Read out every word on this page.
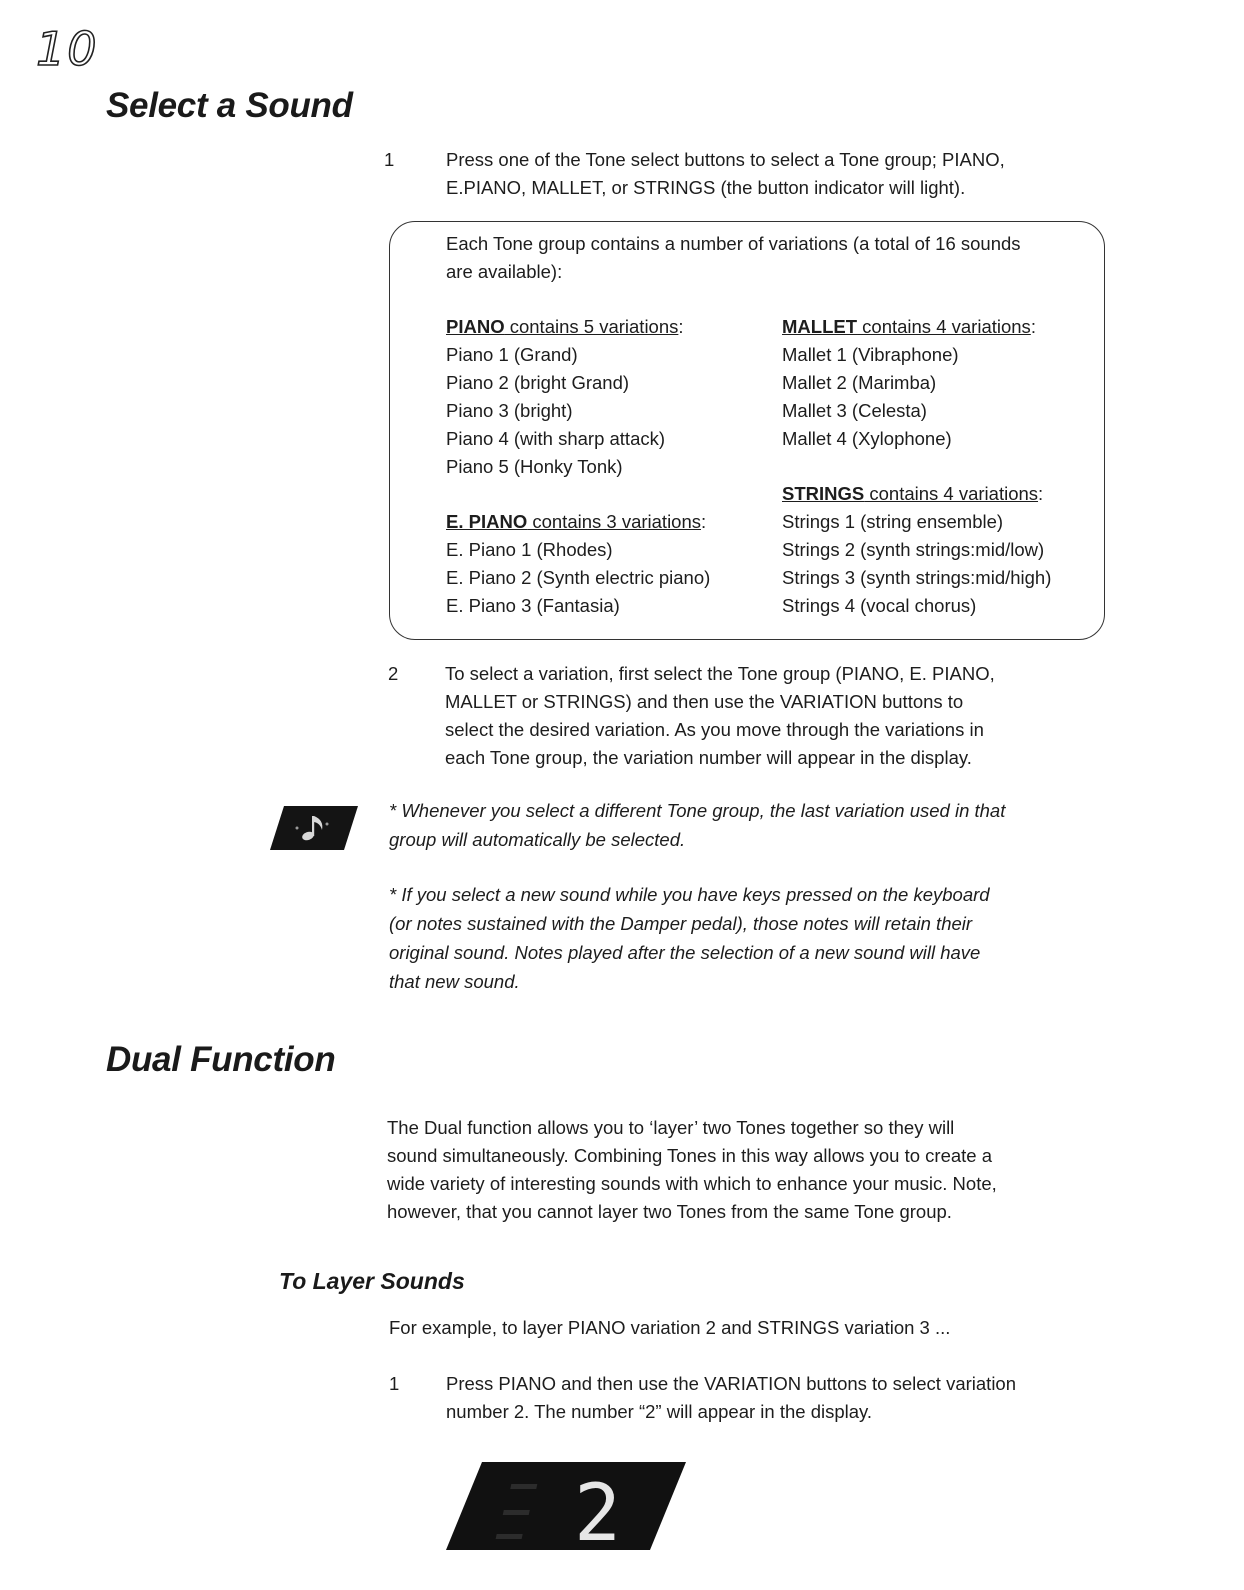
10
Select a Sound
1	Press one of the Tone select buttons to select a Tone group; PIANO,
E.PIANO, MALLET, or STRINGS (the button indicator will light).
Each Tone group contains a number of variations (a total of 16 sounds
are available):
PIANO contains 5 variations:
Piano 1 (Grand)
Piano 2 (bright Grand)
Piano 3 (bright)
Piano 4 (with sharp attack)
Piano 5 (Honky Tonk)
E. PIANO contains 3 variations:
E. Piano 1 (Rhodes)
E. Piano 2 (Synth electric piano)
E. Piano 3 (Fantasia)
MALLET contains 4 variations:
Mallet 1 (Vibraphone)
Mallet 2 (Marimba)
Mallet 3 (Celesta)
Mallet 4 (Xylophone)
STRINGS contains 4 variations:
Strings 1 (string ensemble)
Strings 2 (synth strings:mid/low)
Strings 3 (synth strings:mid/high)
Strings 4 (vocal chorus)
2	To select a variation, first select the Tone group (PIANO, E. PIANO,
MALLET or STRINGS) and then use the VARIATION buttons to
select the desired variation. As you move through the variations in
each Tone group, the variation number will appear in the display.
* Whenever you select a different Tone group, the last variation used in that
group will automatically be selected.
* If you select a new sound while you have keys pressed on the keyboard
(or notes sustained with the Damper pedal), those notes will retain their
original sound. Notes played after the selection of a new sound will have
that new sound.
Dual Function
The Dual function allows you to ‘layer’ two Tones together so they will
sound simultaneously. Combining Tones in this way allows you to create a
wide variety of interesting sounds with which to enhance your music. Note,
however, that you cannot layer two Tones from the same Tone group.
To Layer Sounds
For example, to layer PIANO variation 2 and STRINGS variation 3 ...
1	Press PIANO and then use the VARIATION buttons to select variation
number 2. The number “2” will appear in the display.
2
